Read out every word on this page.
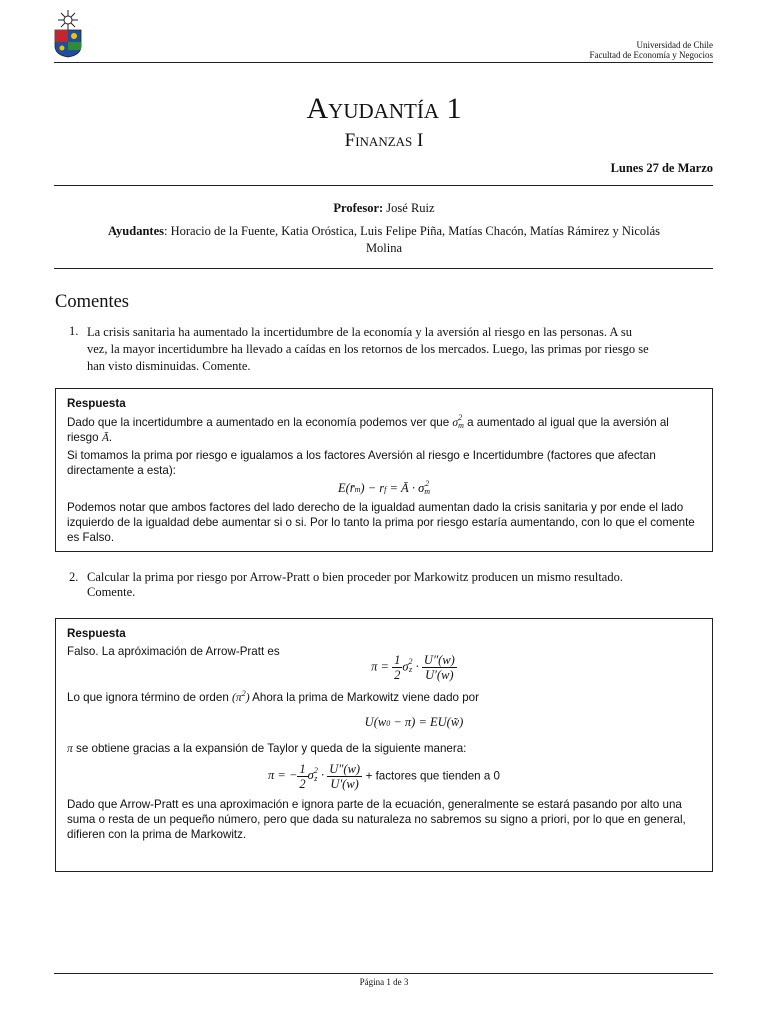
Universidad de Chile
Facultad de Economía y Negocios
Ayudantía 1
Finanzas I
Lunes 27 de Marzo
Profesor: José Ruiz
Ayudantes: Horacio de la Fuente, Katia Oróstica, Luis Felipe Piña, Matías Chacón, Matías Rámirez y Nicolás
Molina
Comentes
1. La crisis sanitaria ha aumentado la incertidumbre de la economía y la aversión al riesgo en las personas. A su
vez, la mayor incertidumbre ha llevado a caídas en los retornos de los mercados. Luego, las primas por riesgo se
han visto disminuidas. Comente.
Respuesta
Dado que la incertidumbre a aumentado en la economía podemos ver que σ 2
m a aumentado al igual que la aversión al
riesgo Ā.
Si tomamos la prima por riesgo e igualamos a los factores Aversión al riesgo e Incertidumbre (factores que afectan directamente a esta):
E(r̄m) − rf = Ā · σ 2
m
Podemos notar que ambos factores del lado derecho de la igualdad aumentan dado la crisis sanitaria y por ende el lado izquierdo de la igualdad debe aumentar si o si. Por lo tanto la prima por riesgo estaría aumentando, con lo que el comente es Falso.
2. Calcular la prima por riesgo por Arrow-Pratt o bien proceder por Markowitz producen un mismo resultado.
Comente.
Respuesta
Falso. La apróximación de Arrow-Pratt es
$\pi = \frac{1}{2}$ σ 2
$z \cdot \frac{U''(w)}{U'(w)}$
Lo que ignora término de orden $(\pi^2)$ Ahora la prima de Markowitz viene dado por
U(w0 − π) = EU(w̃)
π se obtiene gracias a la expansión de Taylor y queda de la siguiente manera:
π = − $\frac{1}{2}$ σ 2
$z \cdot \frac{U''(w)}{U'(w)}$ + factores que tienden a 0
Dado que Arrow-Pratt es una aproximación e ignora parte de la ecuación, generalmente se estará pasando por alto una suma o resta de un pequeño número, pero que dada su naturaleza no sabremos su signo a priori, por lo que en general, difieren con la prima de Markowitz.
Página 1 de 3
